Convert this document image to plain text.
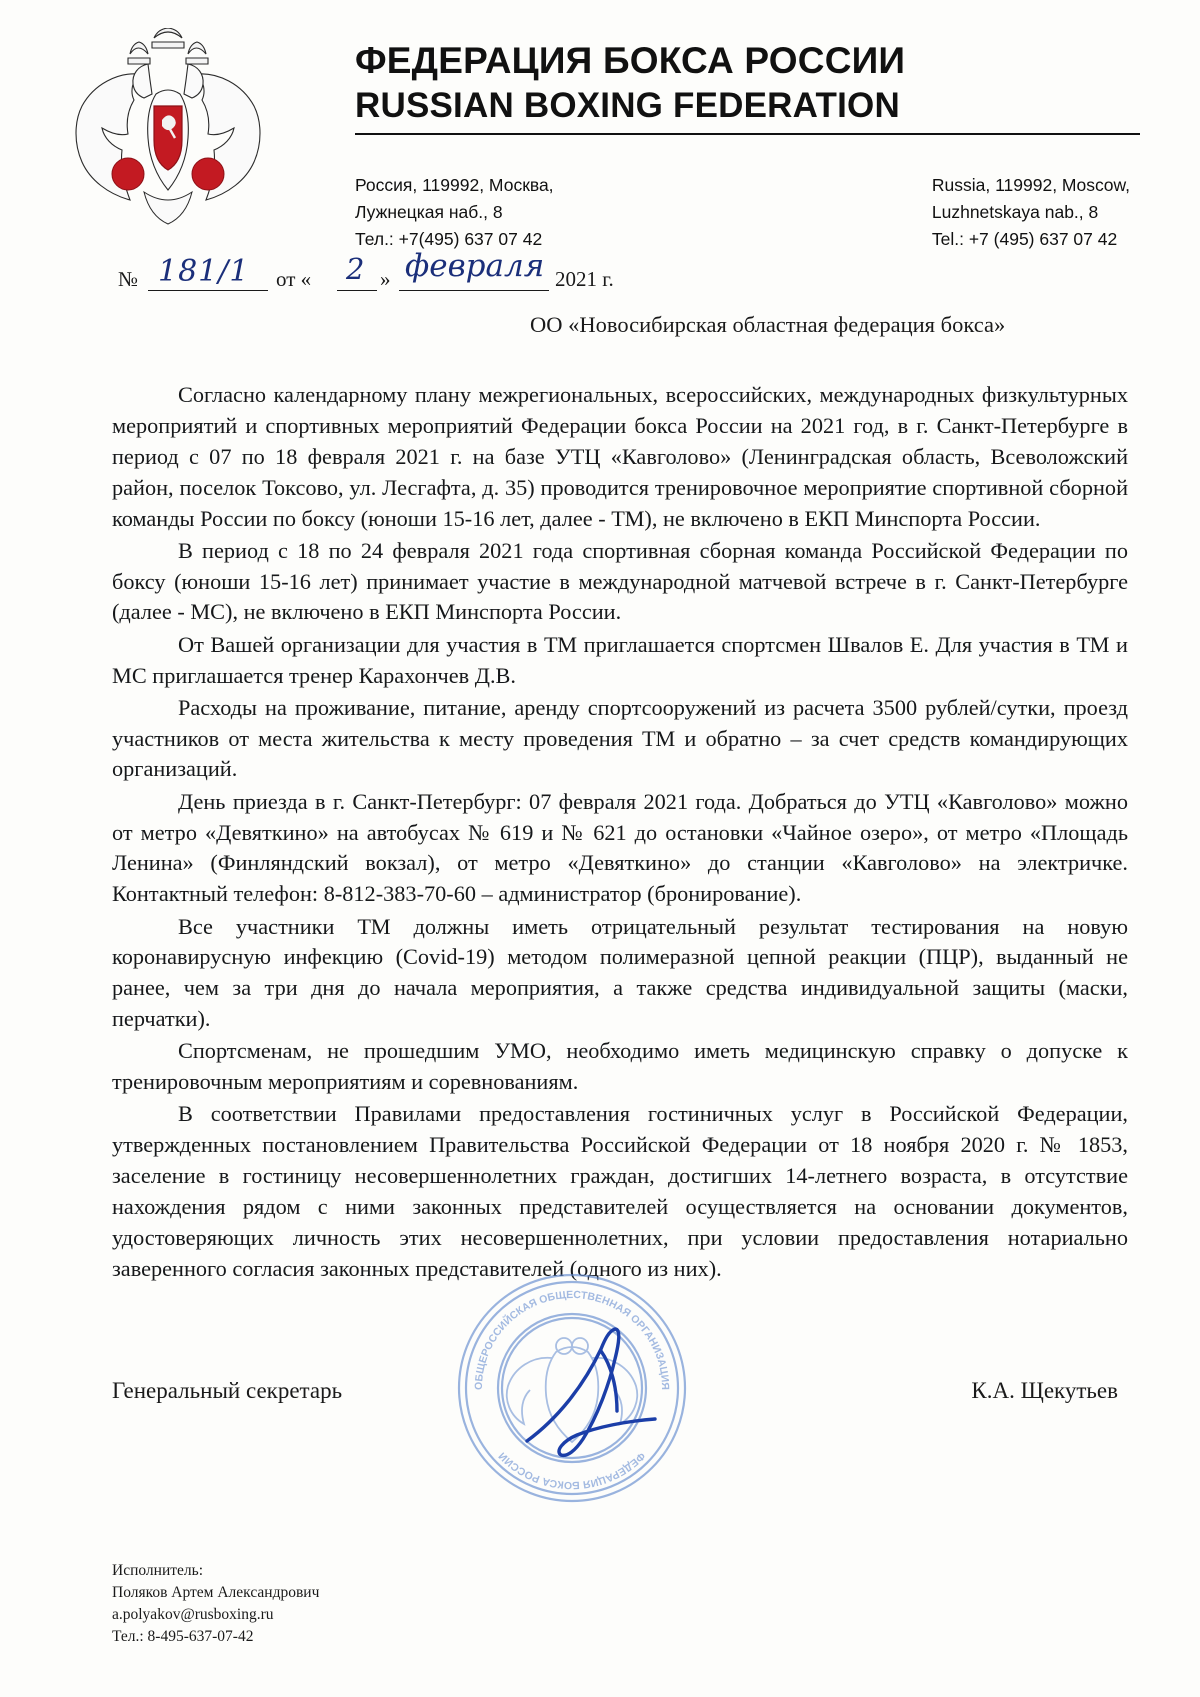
ФЕДЕРАЦИЯ БОКСА РОССИИ
RUSSIAN BOXING FEDERATION
Россия, 119992, Москва,
Лужнецкая наб., 8
Тел.: +7(495) 637 07 42
Russia, 119992, Moscow,
Luzhnetskaya nab., 8
Tel.: +7 (495) 637 07 42
№ 181/1 от « 2 » февраля 2021 г.
ОО «Новосибирская областная федерация бокса»

Согласно календарному плану межрегиональных, всероссийских, международных физкультурных мероприятий и спортивных мероприятий Федерации бокса России на 2021 год, в г. Санкт-Петербурге в период с 07 по 18 февраля 2021 г. на базе УТЦ «Кавголово» (Ленинградская область, Всеволожский район, поселок Токсово, ул. Лесгафта, д. 35) проводится тренировочное мероприятие спортивной сборной команды России по боксу (юноши 15-16 лет, далее - ТМ), не включено в ЕКП Минспорта России.

В период с 18 по 24 февраля 2021 года спортивная сборная команда Российской Федерации по боксу (юноши 15-16 лет) принимает участие в международной матчевой встрече в г. Санкт-Петербурге (далее - МС), не включено в ЕКП Минспорта России.

От Вашей организации для участия в ТМ приглашается спортсмен Швалов Е. Для участия в ТМ и МС приглашается тренер Карахончев Д.В.

Расходы на проживание, питание, аренду спортсооружений из расчета 3500 рублей/сутки, проезд участников от места жительства к месту проведения ТМ и обратно – за счет средств командирующих организаций.

День приезда в г. Санкт-Петербург: 07 февраля 2021 года. Добраться до УТЦ «Кавголово» можно от метро «Девяткино» на автобусах № 619 и № 621 до остановки «Чайное озеро», от метро «Площадь Ленина» (Финляндский вокзал), от метро «Девяткино» до станции «Кавголово» на электричке. Контактный телефон: 8-812-383-70-60 – администратор (бронирование).

Все участники ТМ должны иметь отрицательный результат тестирования на новую коронавирусную инфекцию (Covid-19) методом полимеразной цепной реакции (ПЦР), выданный не ранее, чем за три дня до начала мероприятия, а также средства индивидуальной защиты (маски, перчатки).

Спортсменам, не прошедшим УМО, необходимо иметь медицинскую справку о допуске к тренировочным мероприятиям и соревнованиям.

В соответствии Правилами предоставления гостиничных услуг в Российской Федерации, утвержденных постановлением Правительства Российской Федерации от 18 ноября 2020 г. № 1853, заселение в гостиницу несовершеннолетних граждан, достигших 14-летнего возраста, в отсутствие нахождения рядом с ними законных представителей осуществляется на основании документов, удостоверяющих личность этих несовершеннолетних, при условии предоставления нотариально заверенного согласия законных представителей (одного из них).

ОБЩЕРОССИЙСКАЯ ОБЩЕСТВЕННАЯ ОРГАНИЗАЦИЯ
ФЕДЕРАЦИЯ БОКСА РОССИИ
Генеральный секретарь	К.А. Щекутьев
Исполнитель:
Поляков Артем Александрович
a.polyakov@rusboxing.ru
Тел.: 8-495-637-07-42
